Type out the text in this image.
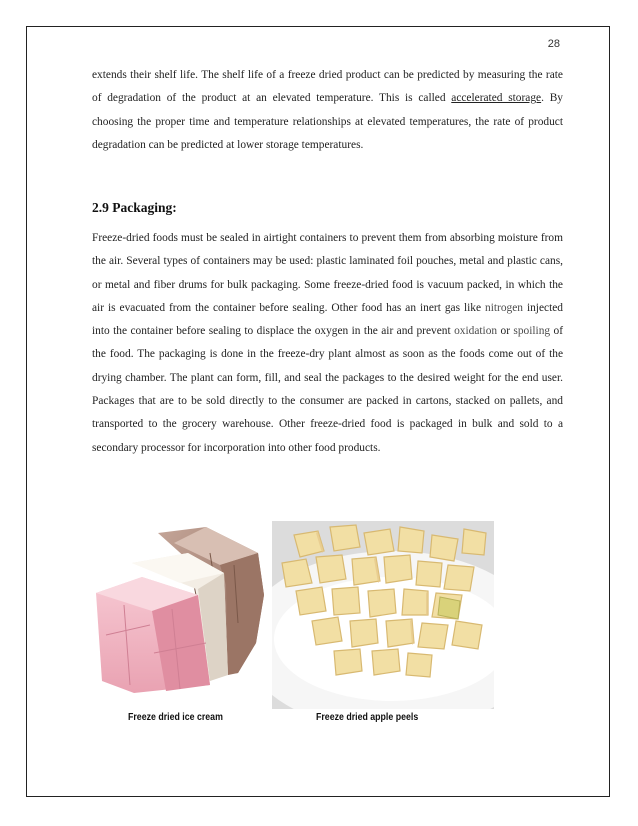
28

extends their shelf life. The shelf life of a freeze dried product can be predicted by measuring the rate of degradation of the product at an elevated temperature. This is called accelerated storage. By choosing the proper time and temperature relationships at elevated temperatures, the rate of product degradation can be predicted at lower storage temperatures.

2.9 Packaging:

Freeze-dried foods must be sealed in airtight containers to prevent them from absorbing moisture from the air. Several types of containers may be used: plastic laminated foil pouches, metal and plastic cans, or metal and fiber drums for bulk packaging. Some freeze-dried food is vacuum packed, in which the air is evacuated from the container before sealing. Other food has an inert gas like nitrogen injected into the container before sealing to displace the oxygen in the air and prevent oxidation or spoiling of the food. The packaging is done in the freeze-dry plant almost as soon as the foods come out of the drying chamber. The plant can form, fill, and seal the packages to the desired weight for the end user. Packages that are to be sold directly to the consumer are packed in cartons, stacked on pallets, and transported to the grocery warehouse. Other freeze-dried food is packaged in bulk and sold to a secondary processor for incorporation into other food products.

Freeze dried ice cream	Freeze dried apple peels
